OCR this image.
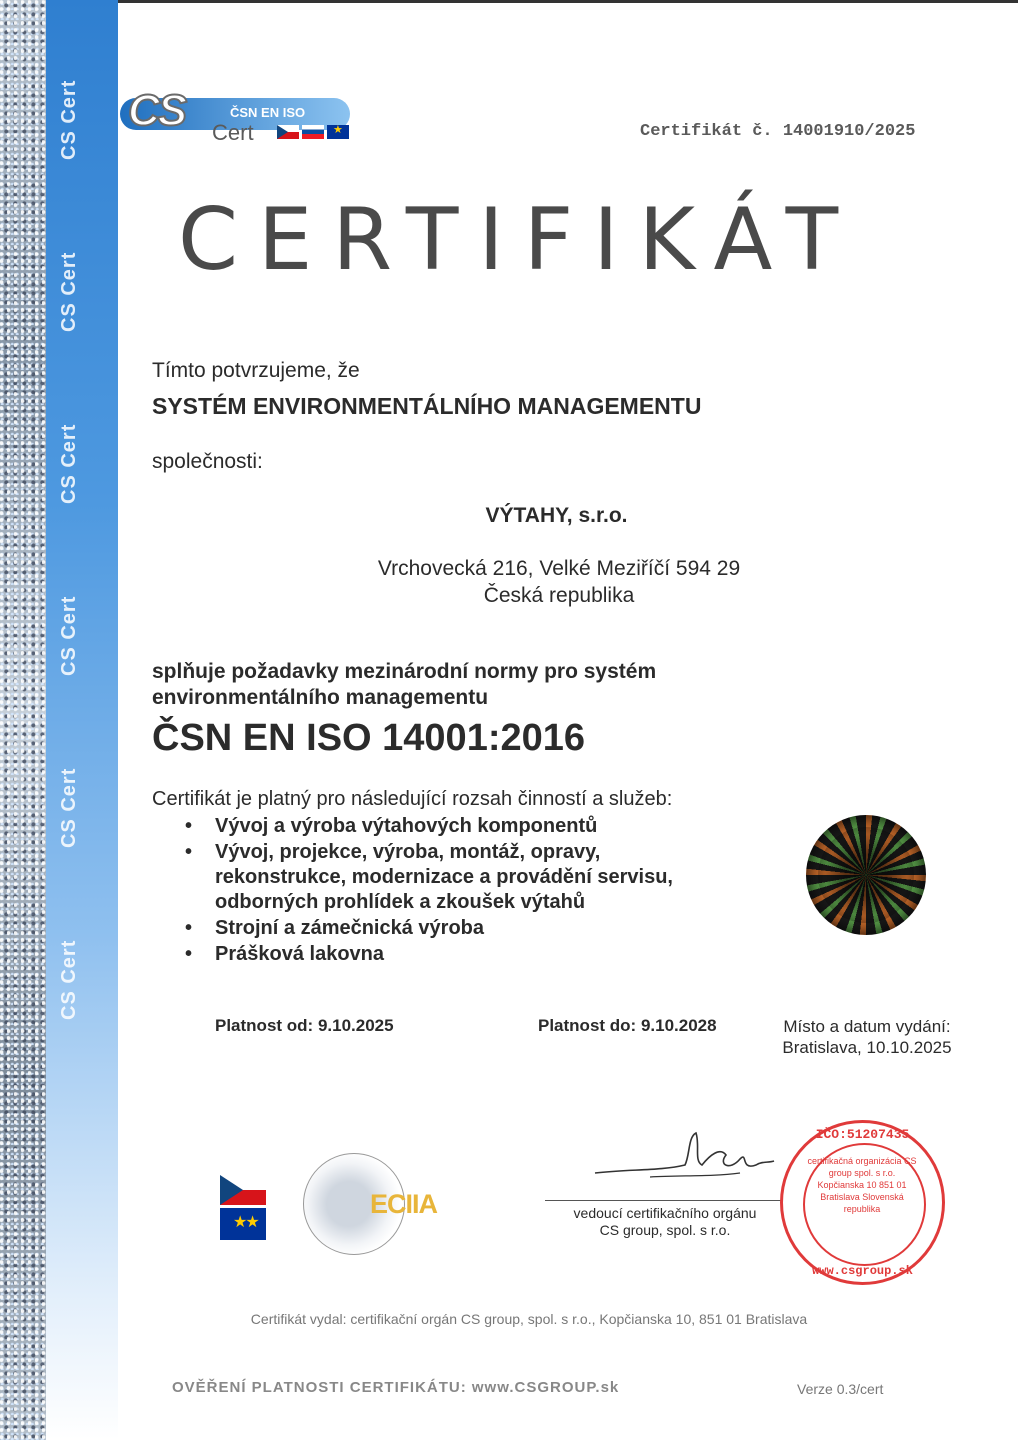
CS Cert
CS Cert
CS Cert
CS Cert
CS Cert
CS Cert
CS	ČSN EN ISO
Cert
★	Certifikát č. 14001910/2025
CERTIFIKÁT
Tímto potvrzujeme, že
SYSTÉM ENVIRONMENTÁLNÍHO MANAGEMENTU
společnosti:
VÝTAHY, s.r.o.
Vrchovecká 216, Velké Meziříčí 594 29
Česká republika
splňuje požadavky mezinárodní normy pro systém
environmentálního managementu
ČSN EN ISO 14001:2016
Certifikát je platný pro následující rozsah činností a služeb:
• Vývoj a výroba výtahových komponentů
• Vývoj, projekce, výroba, montáž, opravy,
rekonstrukce, modernizace a provádění servisu,
odborných prohlídek a zkoušek výtahů
• Strojní a zámečnická výroba
• Prášková lakovna
Platnost od: 9.10.2025	Platnost do: 9.10.2028	Místo a datum vydání: Bratislava, 10.10.2025
★★
ECIIA	vedoucí certifikačního orgánu
CS group, spol. s r.o.
IČO:51207435
certifikačná organizácia CS group spol. s r.o. Kopčianska 10 851 01 Bratislava Slovenská republika
www.csgroup.sk
Certifikát vydal: certifikační orgán CS group, spol. s r.o., Kopčianska 10, 851 01 Bratislava
OVĚŘENÍ PLATNOSTI CERTIFIKÁTU: www.CSGROUP.sk	Verze 0.3/cert
